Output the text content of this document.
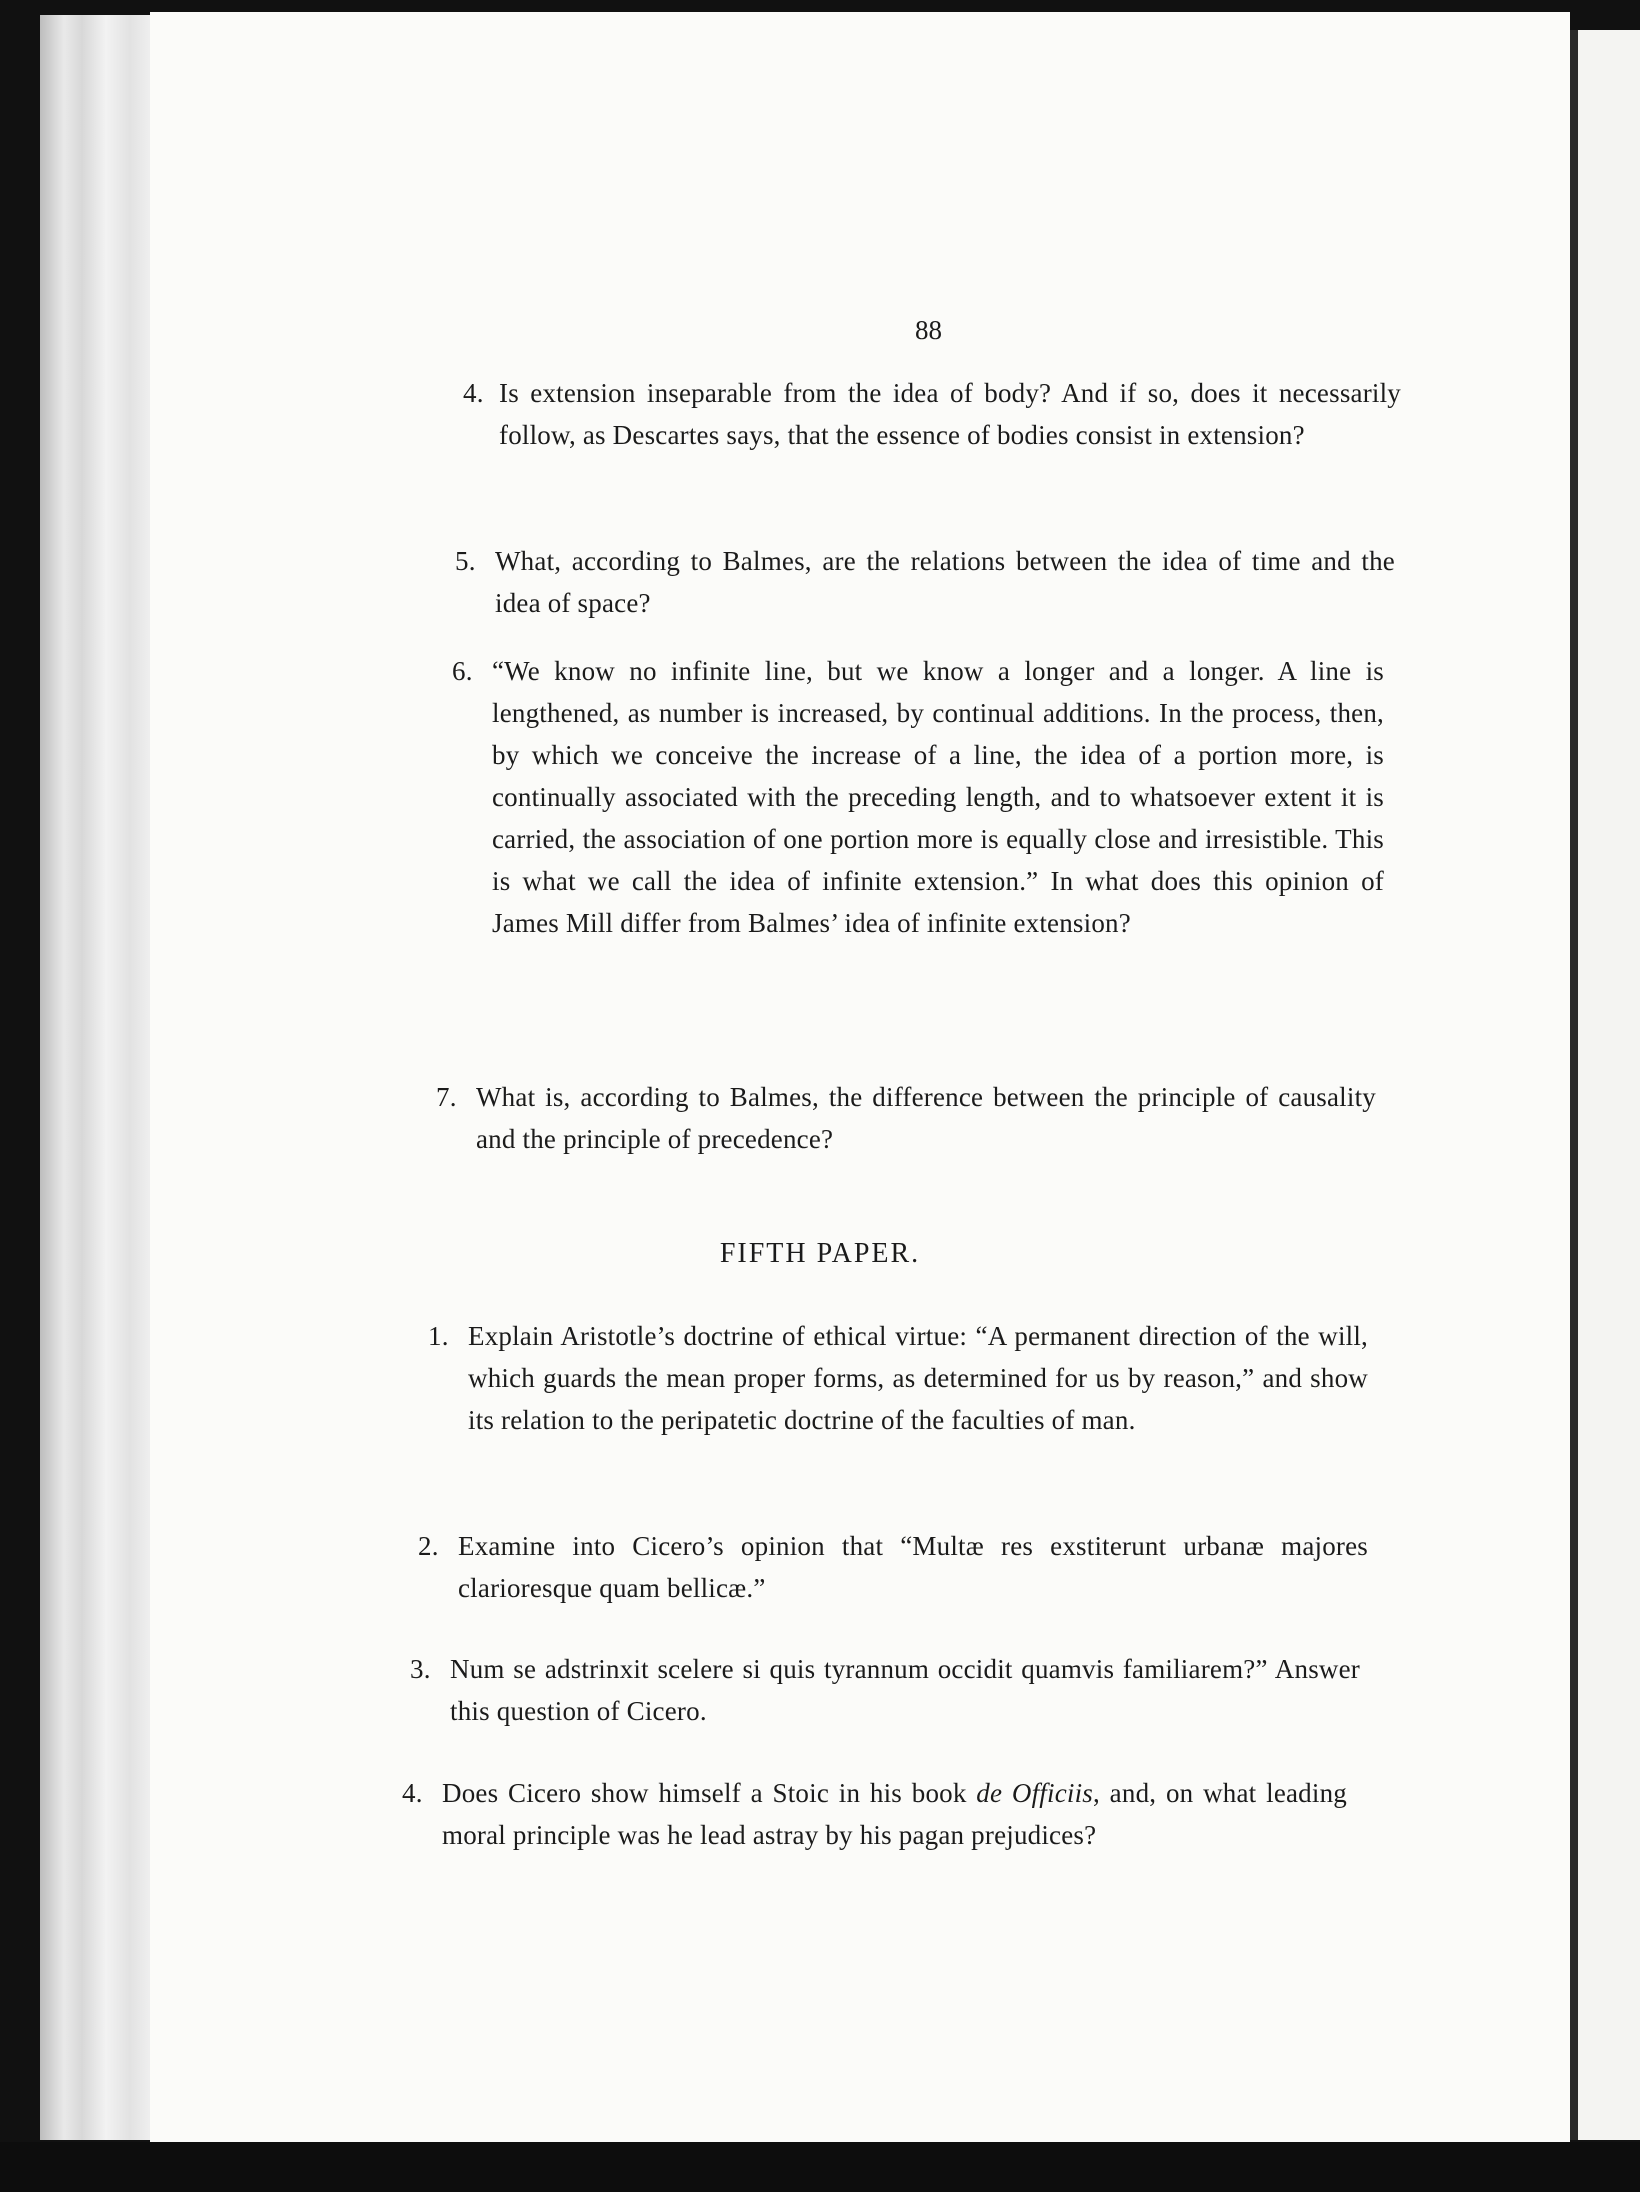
88
4. Is extension inseparable from the idea of body? And if so, does it necessarily follow, as Descartes says, that the essence of bodies consist in extension?
5. What, according to Balmes, are the relations between the idea of time and the idea of space?
6. “We know no infinite line, but we know a longer and a longer. A line is lengthened, as number is increased, by continual additions. In the process, then, by which we conceive the increase of a line, the idea of a portion more, is continually associated with the preceding length, and to whatsoever extent it is carried, the association of one portion more is equally close and irresistible. This is what we call the idea of infinite extension.” In what does this opinion of James Mill differ from Balmes’ idea of infinite extension?
7. What is, according to Balmes, the difference between the principle of causality and the principle of precedence?
FIFTH PAPER.
1. Explain Aristotle’s doctrine of ethical virtue: “A permanent direction of the will, which guards the mean proper forms, as determined for us by reason,” and show its relation to the peripatetic doctrine of the faculties of man.
2. Examine into Cicero’s opinion that “Multæ res exstiterunt urbanæ majores clarioresque quam bellicæ.”
3. Num se adstrinxit scelere si quis tyrannum occidit quamvis familiarem?” Answer this question of Cicero.
4. Does Cicero show himself a Stoic in his book de Officiis, and, on what leading moral principle was he lead astray by his pagan prejudices?
